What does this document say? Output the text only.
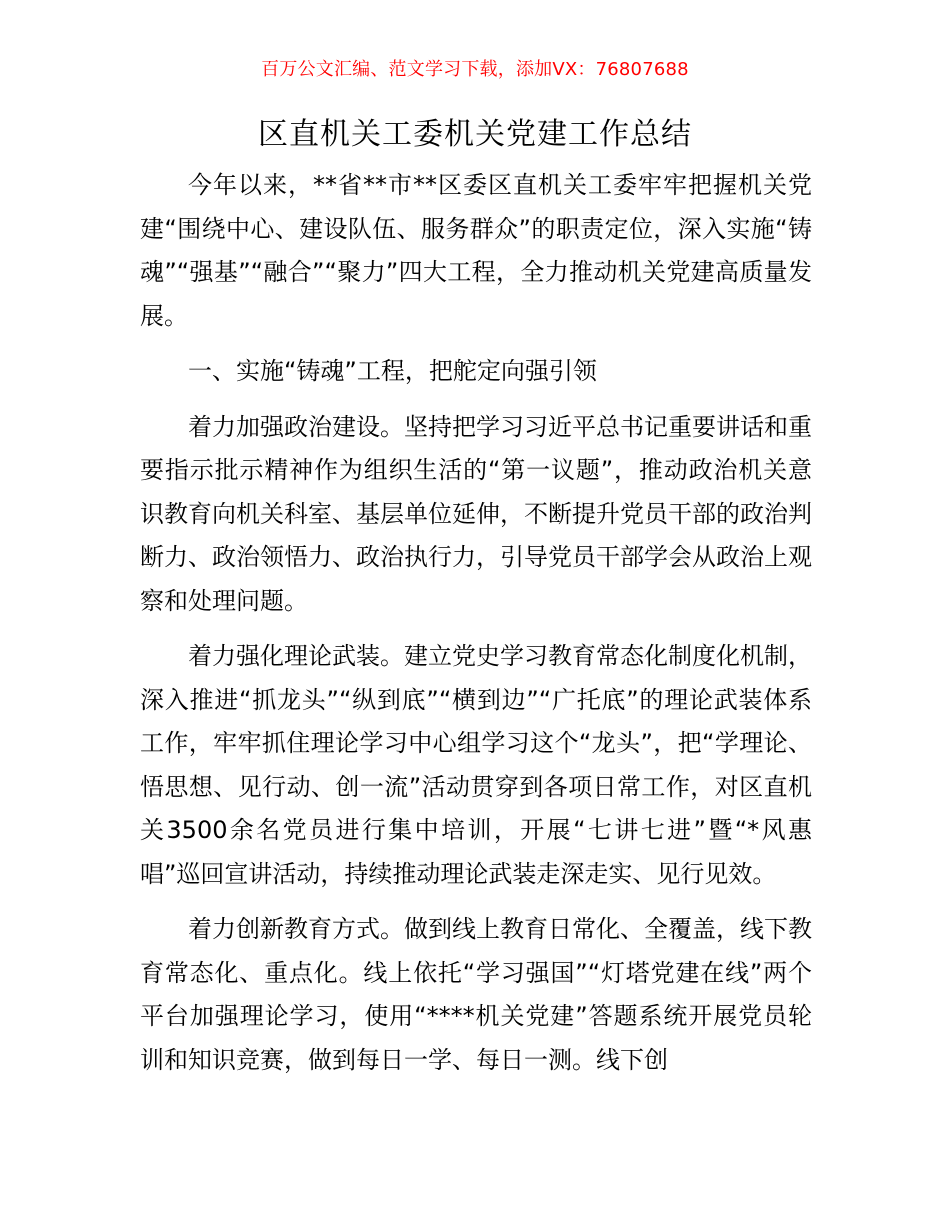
百万公文汇编、范文学习下载，添加VX：76807688
区直机关工委机关党建工作总结

今年以来，**省**市**区委区直机关工委牢牢把握机关党建“围绕中心、建设队伍、服务群众”的职责定位，深入实施“铸魂”“强基”“融合”“聚力”四大工程，全力推动机关党建高质量发展。

一、实施“铸魂”工程，把舵定向强引领

着力加强政治建设。坚持把学习习近平总书记重要讲话和重要指示批示精神作为组织生活的“第一议题”，推动政治机关意识教育向机关科室、基层单位延伸，不断提升党员干部的政治判断力、政治领悟力、政治执行力，引导党员干部学会从政治上观察和处理问题。

着力强化理论武装。建立党史学习教育常态化制度化机制，深入推进“抓龙头”“纵到底”“横到边”“广托底”的理论武装体系工作，牢牢抓住理论学习中心组学习这个“龙头”，把“学理论、悟思想、见行动、创一流”活动贯穿到各项日常工作，对区直机关3500余名党员进行集中培训，开展“七讲七进”暨“*风惠唱”巡回宣讲活动，持续推动理论武装走深走实、见行见效。

着力创新教育方式。做到线上教育日常化、全覆盖，线下教育常态化、重点化。线上依托“学习强国”“灯塔党建在线”两个平台加强理论学习，使用“****机关党建”答题系统开展党员轮训和知识竞赛，做到每日一学、每日一测。线下创
